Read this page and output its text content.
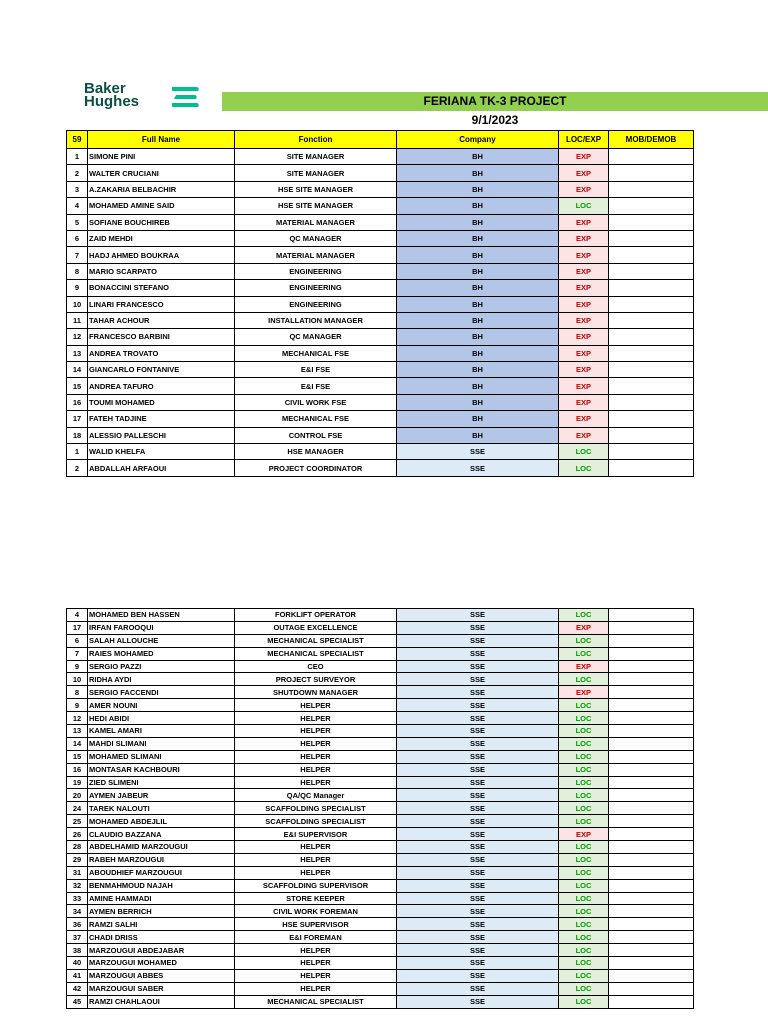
Baker
Hughes	FERIANA TK-3 PROJECT
9/1/2023
59	Full Name	Fonction	Company	LOC/EXP	MOB/DEMOB
1	SIMONE PINI	SITE MANAGER	BH	EXP	
2	WALTER CRUCIANI	SITE MANAGER	BH	EXP	
3	A.ZAKARIA BELBACHIR	HSE SITE MANAGER	BH	EXP	
4	MOHAMED AMINE SAID	HSE SITE MANAGER	BH	LOC	
5	SOFIANE BOUCHIREB	MATERIAL MANAGER	BH	EXP	
6	ZAID MEHDI	QC MANAGER	BH	EXP	
7	HADJ AHMED BOUKRAA	MATERIAL MANAGER	BH	EXP	
8	MARIO SCARPATO	ENGINEERING	BH	EXP	
9	BONACCINI STEFANO	ENGINEERING	BH	EXP	
10	LINARI FRANCESCO	ENGINEERING	BH	EXP	
11	TAHAR ACHOUR	INSTALLATION MANAGER	BH	EXP	
12	FRANCESCO BARBINI	QC MANAGER	BH	EXP	
13	ANDREA TROVATO	MECHANICAL FSE	BH	EXP	
14	GIANCARLO FONTANIVE	E&I FSE	BH	EXP	
15	ANDREA TAFURO	E&I FSE	BH	EXP	
16	TOUMI MOHAMED	CIVIL WORK FSE	BH	EXP	
17	FATEH TADJINE	MECHANICAL FSE	BH	EXP	
18	ALESSIO PALLESCHI	CONTROL FSE	BH	EXP	
1	WALID KHELFA	HSE MANAGER	SSE	LOC	
2	ABDALLAH ARFAOUI	PROJECT COORDINATOR	SSE	LOC	
4	MOHAMED BEN HASSEN	FORKLIFT OPERATOR	SSE	LOC	
17	IRFAN FAROOQUI	OUTAGE EXCELLENCE	SSE	EXP	
6	SALAH ALLOUCHE	MECHANICAL SPECIALIST	SSE	LOC	
7	RAIES MOHAMED	MECHANICAL SPECIALIST	SSE	LOC	
9	SERGIO PAZZI	CEO	SSE	EXP	
10	RIDHA AYDI	PROJECT SURVEYOR	SSE	LOC	
8	SERGIO FACCENDI	SHUTDOWN MANAGER	SSE	EXP	
9	AMER NOUNI	HELPER	SSE	LOC	
12	HEDI ABIDI	HELPER	SSE	LOC	
13	KAMEL AMARI	HELPER	SSE	LOC	
14	MAHDI SLIMANI	HELPER	SSE	LOC	
15	MOHAMED SLIMANI	HELPER	SSE	LOC	
16	MONTASAR KACHBOURI	HELPER	SSE	LOC	
19	ZIED SLIMENI	HELPER	SSE	LOC	
20	AYMEN JABEUR	QA/QC Manager	SSE	LOC	
24	TAREK NALOUTI	SCAFFOLDING SPECIALIST	SSE	LOC	
25	MOHAMED ABDEJLIL	SCAFFOLDING SPECIALIST	SSE	LOC	
26	CLAUDIO BAZZANA	E&I SUPERVISOR	SSE	EXP	
28	ABDELHAMID MARZOUGUI	HELPER	SSE	LOC	
29	RABEH MARZOUGUI	HELPER	SSE	LOC	
31	ABOUDHIEF MARZOUGUI	HELPER	SSE	LOC	
32	BENMAHMOUD NAJAH	SCAFFOLDING SUPERVISOR	SSE	LOC	
33	AMINE HAMMADI	STORE KEEPER	SSE	LOC	
34	AYMEN BERRICH	CIVIL WORK FOREMAN	SSE	LOC	
36	RAMZI SALHI	HSE SUPERVISOR	SSE	LOC	
37	CHADI DRISS	E&I FOREMAN	SSE	LOC	
38	MARZOUGUI ABDEJABAR	HELPER	SSE	LOC	
40	MARZOUGUI MOHAMED	HELPER	SSE	LOC	
41	MARZOUGUI ABBES	HELPER	SSE	LOC	
42	MARZOUGUI SABER	HELPER	SSE	LOC	
45	RAMZI CHAHLAOUI	MECHANICAL SPECIALIST	SSE	LOC	
